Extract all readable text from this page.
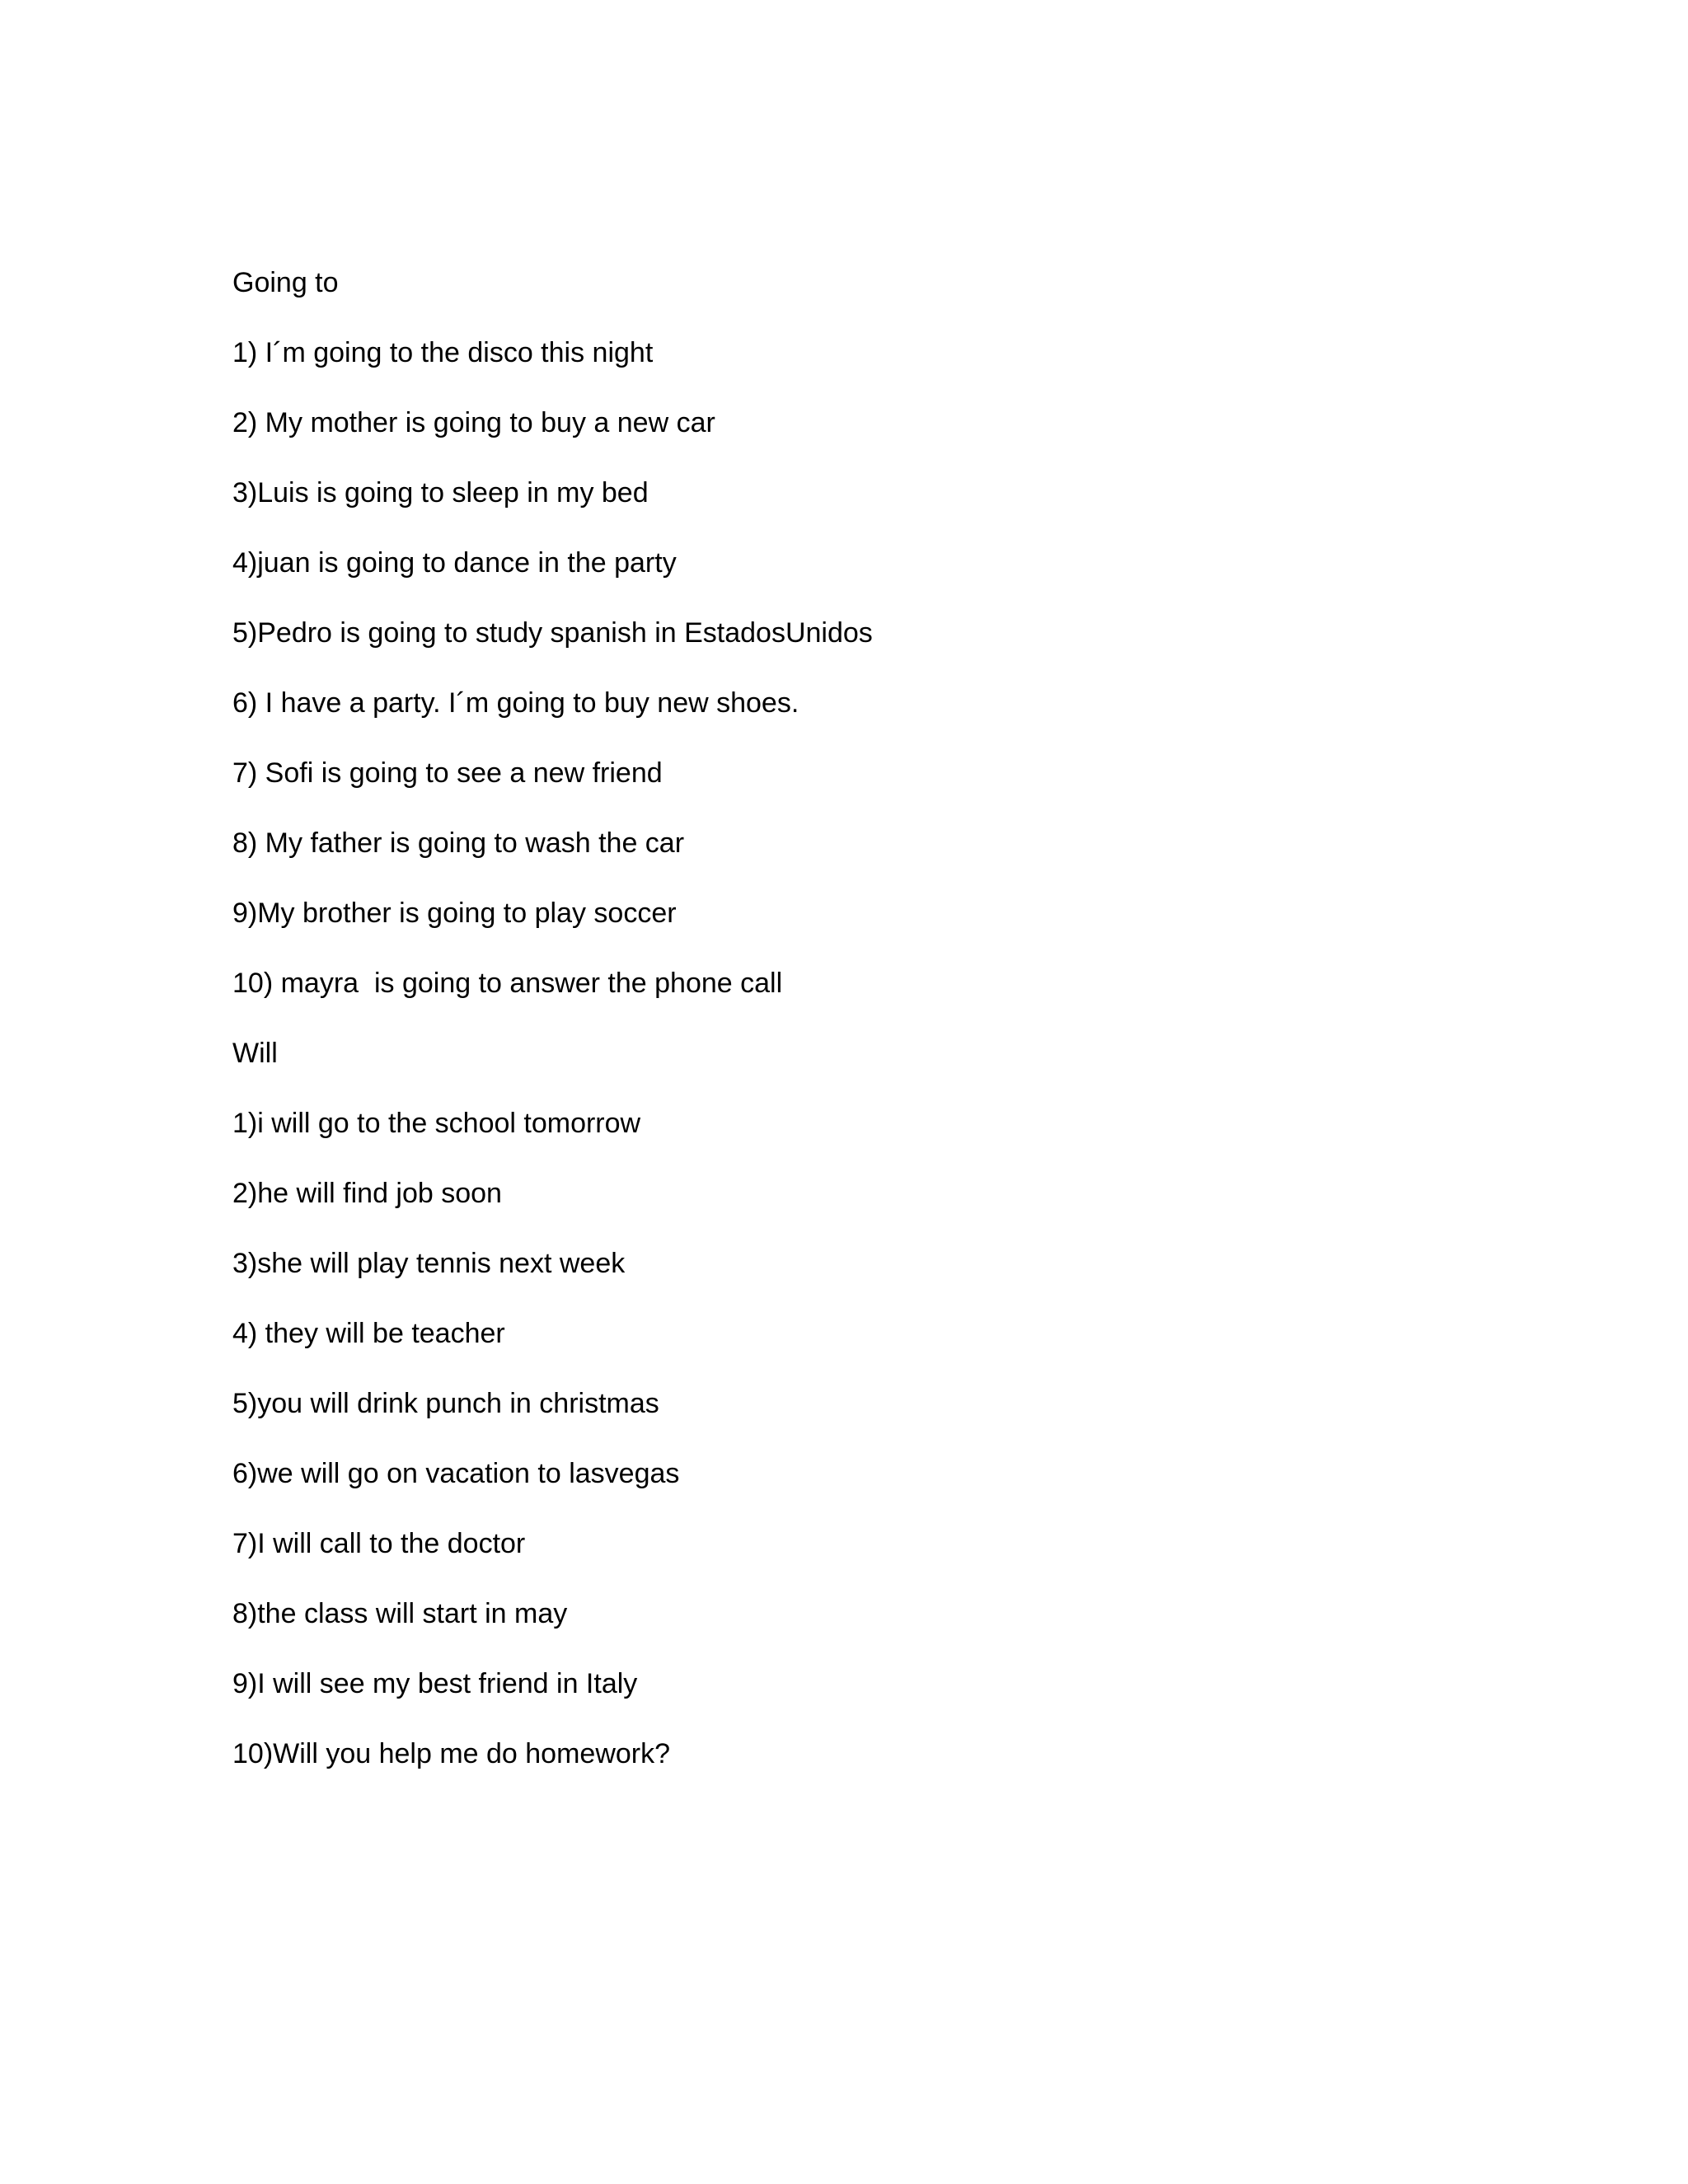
Going to
1) I´m going to the disco this night
2) My mother is going to buy a new car
3)Luis is going to sleep in my bed
4)juan is going to dance in the party
5)Pedro is going to study spanish in EstadosUnidos
6) I have a party. I´m going to buy new shoes.
7) Sofi is going to see a new friend
8) My father is going to wash the car
9)My brother is going to play soccer
10) mayra  is going to answer the phone call
Will
1)i will go to the school tomorrow
2)he will find job soon
3)she will play tennis next week
4) they will be teacher
5)you will drink punch in christmas
6)we will go on vacation to lasvegas
7)I will call to the doctor
8)the class will start in may
9)I will see my best friend in Italy
10)Will you help me do homework?
